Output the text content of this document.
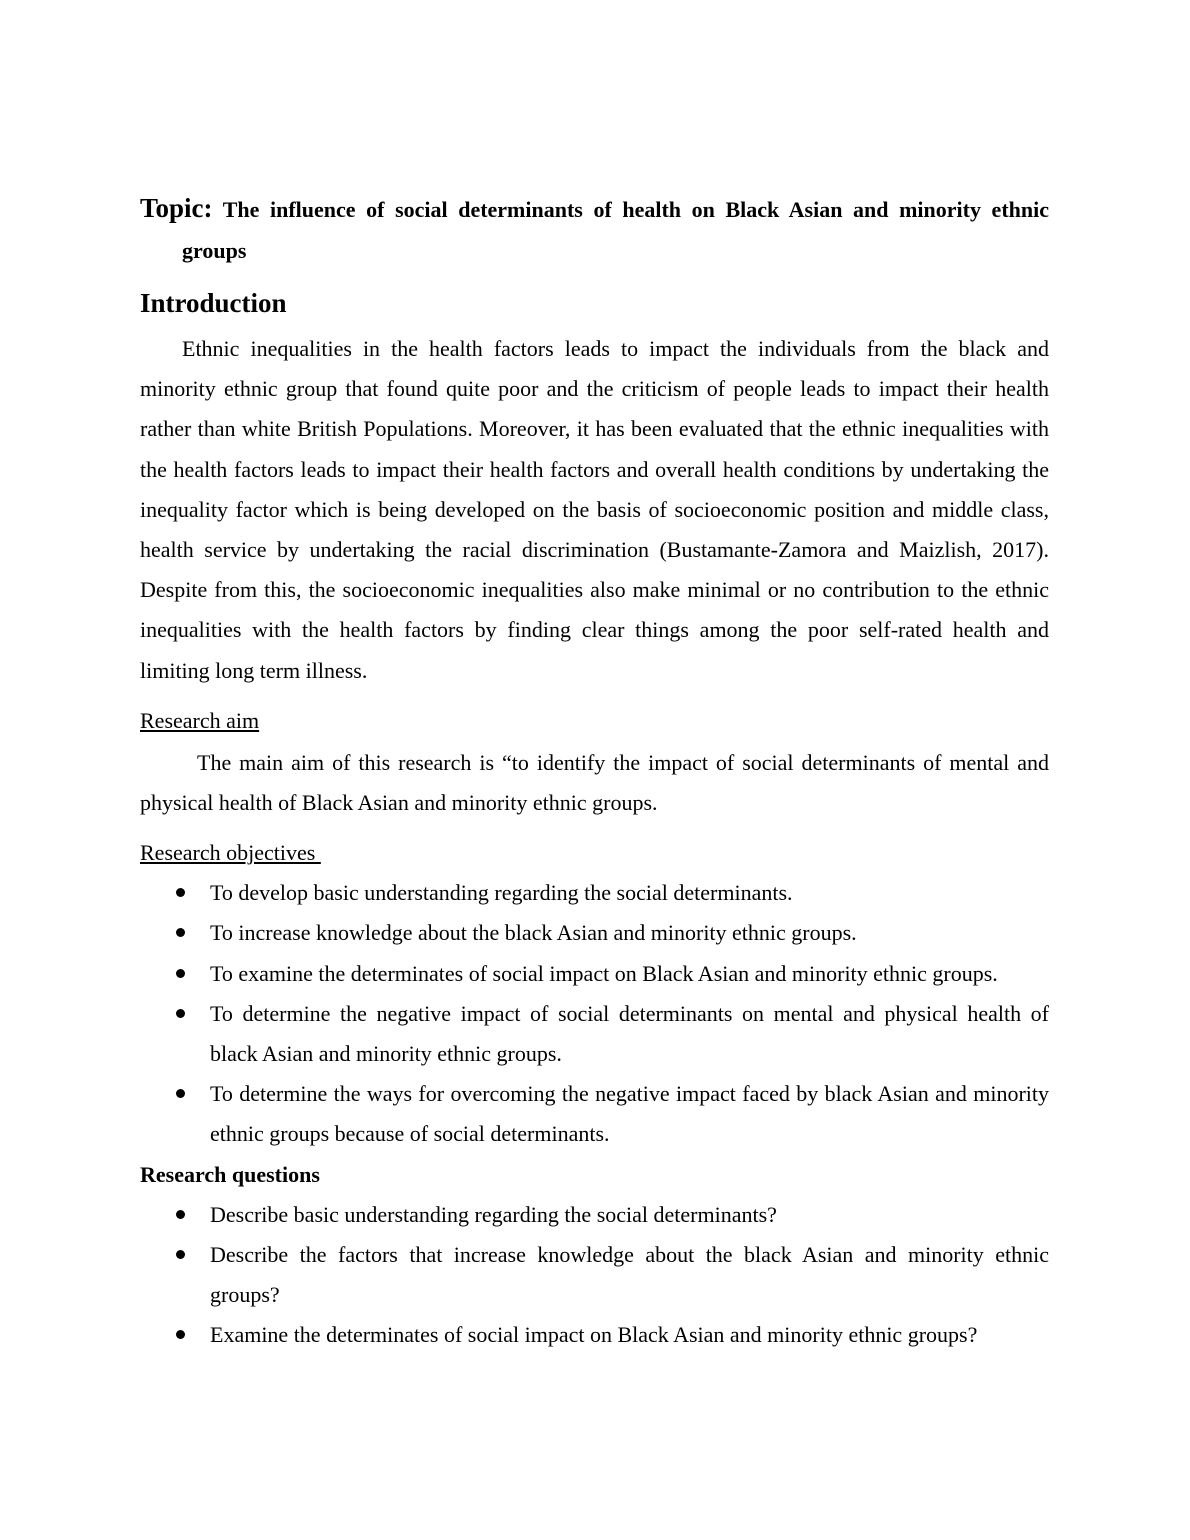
Topic: The influence of social determinants of health on Black Asian and minority ethnic groups

Introduction

Ethnic inequalities in the health factors leads to impact the individuals from the black and minority ethnic group that found quite poor and the criticism of people leads to impact their health rather than white British Populations. Moreover, it has been evaluated that the ethnic inequalities with the health factors leads to impact their health factors and overall health conditions by undertaking the inequality factor which is being developed on the basis of socioeconomic position and middle class, health service by undertaking the racial discrimination (Bustamante-Zamora and Maizlish, 2017). Despite from this, the socioeconomic inequalities also make minimal or no contribution to the ethnic inequalities with the health factors by finding clear things among the poor self-rated health and limiting long term illness.

Research aim

The main aim of this research is “to identify the impact of social determinants of mental and physical health of Black Asian and minority ethnic groups.

Research objectives

To develop basic understanding regarding the social determinants.
To increase knowledge about the black Asian and minority ethnic groups.
To examine the determinates of social impact on Black Asian and minority ethnic groups.
To determine the negative impact of social determinants on mental and physical health of black Asian and minority ethnic groups.
To determine the ways for overcoming the negative impact faced by black Asian and minority ethnic groups because of social determinants.

Research questions

Describe basic understanding regarding the social determinants?
Describe the factors that increase knowledge about the black Asian and minority ethnic groups?
Examine the determinates of social impact on Black Asian and minority ethnic groups?
